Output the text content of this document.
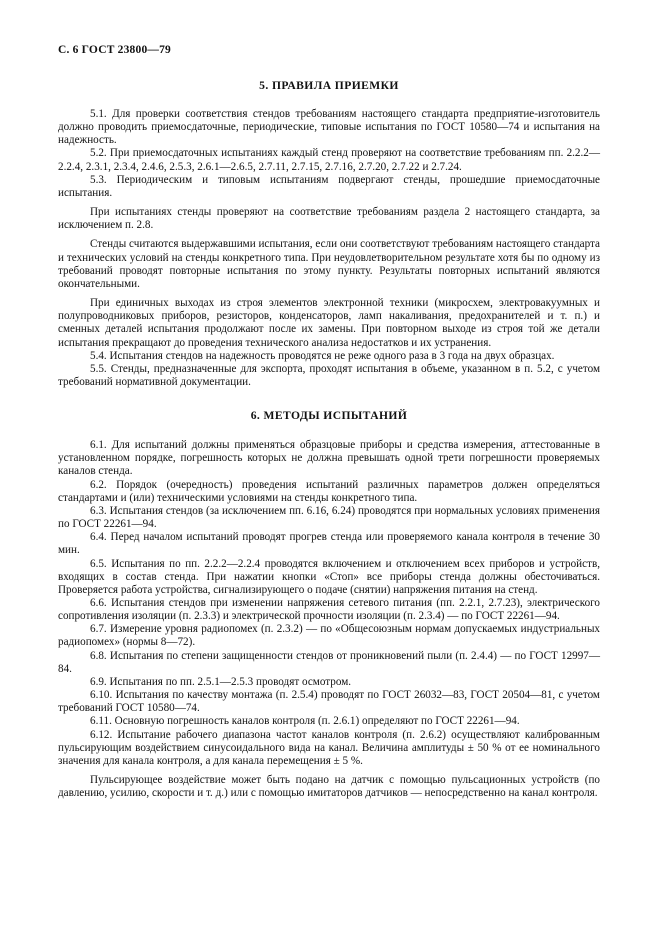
С. 6 ГОСТ 23800—79
5. ПРАВИЛА ПРИЕМКИ

5.1. Для проверки соответствия стендов требованиям настоящего стандарта предприятие-изготовитель должно проводить приемосдаточные, периодические, типовые испытания по ГОСТ 10580—74 и испытания на надежность.

5.2. При приемосдаточных испытаниях каждый стенд проверяют на соответствие требованиям пп. 2.2.2—2.2.4, 2.3.1, 2.3.4, 2.4.6, 2.5.3, 2.6.1—2.6.5, 2.7.11, 2.7.15, 2.7.16, 2.7.20, 2.7.22 и 2.7.24.

5.3. Периодическим и типовым испытаниям подвергают стенды, прошедшие приемосдаточные испытания.

При испытаниях стенды проверяют на соответствие требованиям раздела 2 настоящего стандарта, за исключением п. 2.8.

Стенды считаются выдержавшими испытания, если они соответствуют требованиям настоящего стандарта и технических условий на стенды конкретного типа. При неудовлетворительном результате хотя бы по одному из требований проводят повторные испытания по этому пункту. Результаты повторных испытаний являются окончательными.

При единичных выходах из строя элементов электронной техники (микросхем, электровакуумных и полупроводниковых приборов, резисторов, конденсаторов, ламп накаливания, предохранителей и т. п.) и сменных деталей испытания продолжают после их замены. При повторном выходе из строя той же детали испытания прекращают до проведения технического анализа недостатков и их устранения.

5.4. Испытания стендов на надежность проводятся не реже одного раза в 3 года на двух образцах.

5.5. Стенды, предназначенные для экспорта, проходят испытания в объеме, указанном в п. 5.2, с учетом требований нормативной документации.

6. МЕТОДЫ ИСПЫТАНИЙ

6.1. Для испытаний должны применяться образцовые приборы и средства измерения, аттестованные в установленном порядке, погрешность которых не должна превышать одной трети погрешности проверяемых каналов стенда.

6.2. Порядок (очередность) проведения испытаний различных параметров должен определяться стандартами и (или) техническими условиями на стенды конкретного типа.

6.3. Испытания стендов (за исключением пп. 6.16, 6.24) проводятся при нормальных условиях применения по ГОСТ 22261—94.

6.4. Перед началом испытаний проводят прогрев стенда или проверяемого канала контроля в течение 30 мин.

6.5. Испытания по пп. 2.2.2—2.2.4 проводятся включением и отключением всех приборов и устройств, входящих в состав стенда. При нажатии кнопки «Стоп» все приборы стенда должны обесточиваться. Проверяется работа устройства, сигнализирующего о подаче (снятии) напряжения питания на стенд.

6.6. Испытания стендов при изменении напряжения сетевого питания (пп. 2.2.1, 2.7.23), электрического сопротивления изоляции (п. 2.3.3) и электрической прочности изоляции (п. 2.3.4) — по ГОСТ 22261—94.

6.7. Измерение уровня радиопомех (п. 2.3.2) — по «Общесоюзным нормам допускаемых индустриальных радиопомех» (нормы 8—72).

6.8. Испытания по степени защищенности стендов от проникновений пыли (п. 2.4.4) — по ГОСТ 12997—84.

6.9. Испытания по пп. 2.5.1—2.5.3 проводят осмотром.

6.10. Испытания по качеству монтажа (п. 2.5.4) проводят по ГОСТ 26032—83, ГОСТ 20504—81, с учетом требований ГОСТ 10580—74.

6.11. Основную погрешность каналов контроля (п. 2.6.1) определяют по ГОСТ 22261—94.

6.12. Испытание рабочего диапазона частот каналов контроля (п. 2.6.2) осуществляют калиброванным пульсирующим воздействием синусоидального вида на канал. Величина амплитуды ± 50 % от ее номинального значения для канала контроля, а для канала перемещения ± 5 %.

Пульсирующее воздействие может быть подано на датчик с помощью пульсационных устройств (по давлению, усилию, скорости и т. д.) или с помощью имитаторов датчиков — непосредственно на канал контроля.
